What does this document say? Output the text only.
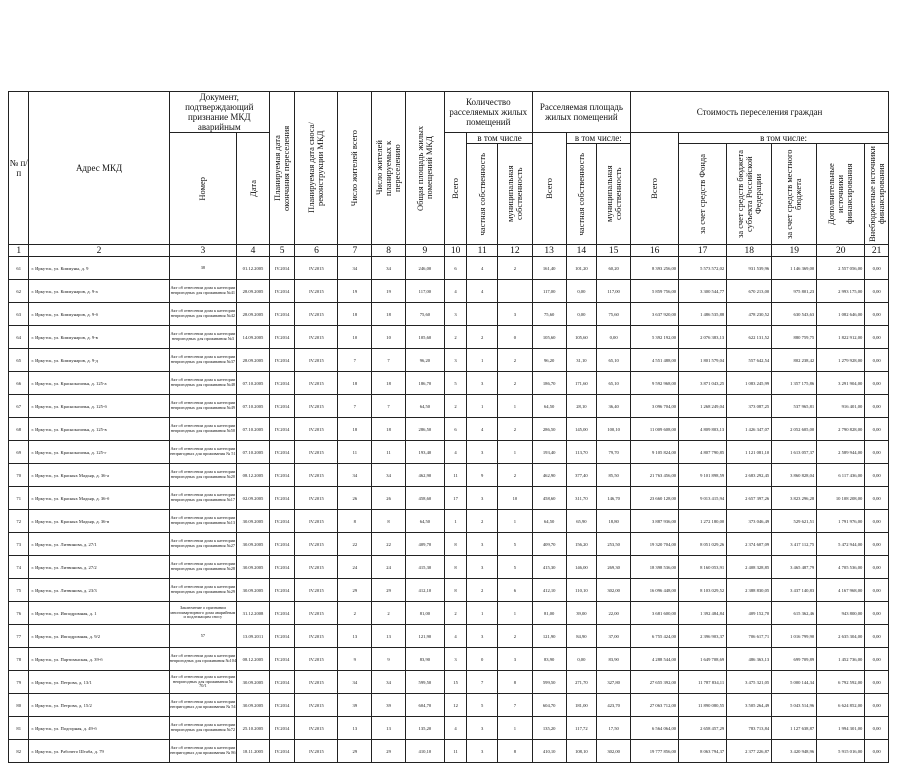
№ п/п	Адрес МКД	Документ, подтверждающий признание МКД аварийным		Планируемая дата окончания переселения	Планируемая дата сноса/реконструкции МКД	Число жителей всего	Число жителей планируемых к переселению	Общая площадь жилых помещений МКД	Количество расселяемых жилых помещений			Расселяемая площадь жилых помещений			Стоимость переселения граждан					
		Номер	Дата						Всего	в том числе		Всего	в том числе:		Всего	в том числе:				
										частная собственность	муниципальная собственность		частная собственность	муниципальная собственность		за счет средств Фонда	за счет средств бюджета субъекта Российской Федерации	за счет средств местного бюджета	Дополнительные источники финансирования	Внебюджетные источники финансирования
1	2	3	4	5	6	7	8	9	10	11	12	13	14	15	16	17	18	19	20	21
61	г. Иркутск, ул. Коммуны, д. 9	38	01.12.2005	IV.2014	IV.2015	34	34	246,00	6	4	2	161,40	101,20	60,20	8 393 256,00	5 573 572,02	931 539,96	1 146 369,00	2 557 056,00	0,00
62	г. Иркутск, ул. Коммунаров, д. 9-а	Акт об отнесении дома к категории непригодных для проживания №41	28.09.2005	IV.2014	IV.2015	19	19	117,00	4	4		117,00	0,00	117,00	5 859 756,00	3 300 544,77	670 213,00	975 801,23	2 993 175,00	0,00
63	г. Иркутск, ул. Коммунаров, д. 9-б	Акт об отнесении дома к категории непригодных для проживания №42	28.09.2005	IV.2014	IV.2015	18	18	75,60	3		3	75,60	0,00	75,60	3 637 920,00	1 486 535,88	478 230,52	630 543,63	1 082 646,00	0,00
64	г. Иркутск, ул. Коммунаров, д. 9-в	Акт об отнесении дома к категории непригодных для проживания №3	14.09.2005	IV.2014	IV.2015	10	10	105,60	2	2	0	105,60	105,60	0,00	5 392 192,00	2 076 383,13	622 131,52	880 759,75	1 822 912,00	0,00
65	г. Иркутск, ул. Коммунаров, д. 9-д	Акт об отнесении дома к категории непригодных для проживания №37	28.09.2005	IV.2014	IV.2015	7	7	96,20	3	1	2	96,20	31,10	65,10	4 551 488,00	1 801 579,04	557 642,54	802 238,42	1 279 928,00	0,00
66	г. Иркутск, ул. Красноказачья, д. 125-а	Акт об отнесении дома к категории непригодных для проживания №48	07.10.2005	IV.2014	IV.2015	18	18	186,70	5	3	2	186,70	171,60	65,10	9 592 968,00	3 871 043,25	1 083 245,99	1 357 175,86	3 291 904,00	0,00
67	г. Иркутск, ул. Красноказачья, д. 125-б	Акт об отнесении дома к категории непригодных для проживания №49	07.10.2005	IV.2014	IV.2015	7	7	64,50	2	1	1	64,50	28,10	36,40	3 096 704,00	1 268 249,04	373 087,25	537 965,81	916 401,00	0,00
68	г. Иркутск, ул. Красноказачья, д. 125-в	Акт об отнесении дома к категории непригодных для проживания №50	07.10.2005	IV.2014	IV.2015	18	18	286,50	6	4	2	286,50	145,00	100,10	11 009 608,00	4 809 803,13	1 426 347,07	2 052 605,00	2 790 828,00	0,00
69	г. Иркутск, ул. Красноказачья, д. 125-г	Акт об отнесении дома к категории непригодных для проживания № 51	07.10.2005	IV.2014	IV.2015	11	11	193,40	4	3	1	193,40	113,70	79,70	9 105 824,00	4 807 790,85	1 121 081,10	1 613 057,37	2 589 944,00	0,00
70	г. Иркутск, ул. Красных Мадьяр, д. 36-а	Акт об отнесении дома к категории непригодных для проживания №20	08.12.2005	IV.2014	IV.2015	34	34	462,90	11	9	2	462,90	377,40	85,50	21 763 456,00	9 101 898,59	2 683 292,45	3 860 828,04	6 117 436,00	0,00
71	г. Иркутск, ул. Красных Мадьяр, д. 36-б	Акт об отнесении дома к категории непригодных для проживания №17	02.09.2005	IV.2014	IV.2015	26	26	458,60	17	3	10	458,60	311,70	146,70	23 660 128,00	9 013 415,94	2 657 397,26	3 823 296,28	10 108 208,00	0,00
72	г. Иркутск, ул. Красных Мадьяр, д. 36-в	Акт об отнесении дома к категории непригодных для проживания №13	30.09.2005	IV.2014	IV.2015	8	8	64,50	1	2	1	64,50	65,90	18,80	3 887 936,00	1 272 180,00	373 046,49	529 621,51	1 791 976,00	0,00
73	г. Иркутск, ул. Литвинова, д. 27/1	Акт об отнесении дома к категории непригодных для проживания №27	30.09.2005	IV.2014	IV.2015	22	22	409,70	8	3	5	409,70	156,20	253,50	19 320 704,00	8 051 029,26	2 374 607,09	3 417 112,75	5 472 944,00	0,00
74	г. Иркутск, ул. Литвинова, д. 27/2	Акт об отнесении дома к категории непригодных для проживания №28	30.09.2005	IV.2014	IV.2015	24	24	415,30	8	3	5	415,30	146,00	269,30	18 398 536,00	8 160 053,91	2 408 328,85	3 465 487,79	4 705 536,00	0,00
75	г. Иркутск, ул. Литвинова, д. 23/3	Акт об отнесении дома к категории непригодных для проживания №29	30.09.2005	IV.2014	IV.2015	29	29	412,10	8	2	6	412,10	110,10	302,00	16 096 448,00	8 103 029,52	2 388 830,05	3 437 140,83	4 167 968,00	0,00
76	г. Иркутск, ул. Ипподромная, д. 1	Заключение о признании многоквартирного дома аварийным и подлежащим сносу	31.12.2008	IV.2014	IV.2015	2	2	81,00	2	1	1	81,00	39,00	22,00	3 681 600,00	1 392 484,84	409 152,70	615 362,46	943 800,00	0,00
77	г. Иркутск, ул. Ипподромная, д. 9/2	57	13.09.2011	IV.2014	IV.2015	13	13	121,90	4	3	2	121,90	84,90	37,00	6 755 424,00	2 396 903,37	706 617,71	1 016 799,90	2 635 304,00	0,00
78	г. Иркутск, ул. Партизанская, д. 39-б	Акт об отнесении дома к категории непригодных для проживания №104	08.12.2005	IV.2014	IV.2015	9	9	83,90	3	0	3	83,90	0,00	83,90	4 288 544,00	1 649 708,69	486 363,13	699 709,89	1 452 736,00	0,00
79	г. Иркутск, ул. Петрова, д. 13/1	Акт об отнесении дома к категории непригодных для проживания № 70/1	30.09.2005	IV.2014	IV.2015	34	34	599,50	15	7	8	599,50	271,70	327,80	27 655 392,00	11 787 834,11	3 475 321,05	5 000 144,34	6 792 592,00	0,00
80	г. Иркутск, ул. Петрова, д. 15/2	Акт об отнесении дома к категории непригодных для проживания № 54	30.09.2005	IV.2014	IV.2015	39	39	604,70	12	5	7	604,70	181,00	423,70	27 063 712,00	11 890 080,55	3 505 264,49	5 043 514,96	6 624 852,00	0,00
81	г. Иркутск, ул. Подгорная, д. 49-б	Акт об отнесении дома к категории непригодных для проживания №72	25.10.2005	IV.2014	IV.2015	13	13	135,20	4	3	1	135,20	117,72	17,50	6 564 064,00	2 658 457,29	783 713,84	1 127 638,87	1 994 301,00	0,00
82	г. Иркутск, ул. Рабочего Штаба, д. 79	Акт об отнесении дома к категории непригодных для проживания № 86	18.11.2005	IV.2014	IV.2015	29	29	410,10	11	3	8	410,10	108,10	302,00	19 777 856,00	8 063 794,37	2 377 226,87	3 420 948,96	5 915 016,00	0,00
